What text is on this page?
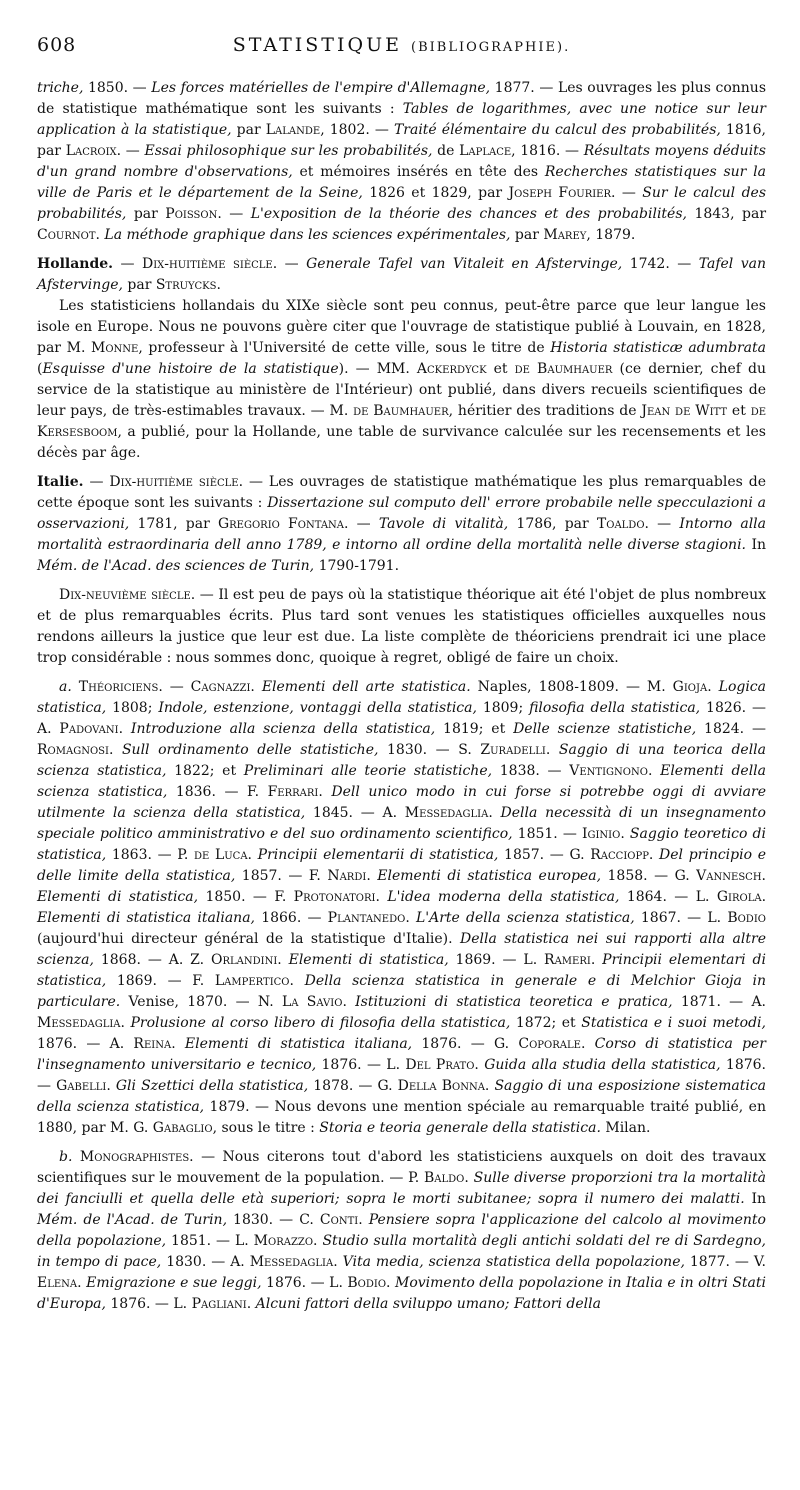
608	STATISTIQUE (BIBLIOGRAPHIE).

triche, 1850. — Les forces matérielles de l'empire d'Allemagne, 1877. — Les ouvrages les plus connus de statistique mathématique sont les suivants : Tables de logarithmes, avec une notice sur leur application à la statistique, par Lalande, 1802. — Traité élémentaire du calcul des probabilités, 1816, par Lacroix. — Essai philosophique sur les probabilités, de Laplace, 1816. — Résultats moyens déduits d'un grand nombre d'observations, et mémoires insérés en tête des Recherches statistiques sur la ville de Paris et le département de la Seine, 1826 et 1829, par Joseph Fourier. — Sur le calcul des probabilités, par Poisson. — L'exposition de la théorie des chances et des probabilités, 1843, par Cournot. La méthode graphique dans les sciences expérimentales, par Marey, 1879.

Hollande. — Dix-huitième siècle. — Generale Tafel van Vitaleit en Afstervinge, 1742. — Tafel van Afstervinge, par Struycks.

Les statisticiens hollandais du XIXe siècle sont peu connus, peut-être parce que leur langue les isole en Europe. Nous ne pouvons guère citer que l'ouvrage de statistique publié à Louvain, en 1828, par M. Monne, professeur à l'Université de cette ville, sous le titre de Historia statisticæ adumbrata (Esquisse d'une histoire de la statistique). — MM. Ackerdyck et de Baumhauer (ce dernier, chef du service de la statistique au ministère de l'Intérieur) ont publié, dans divers recueils scientifiques de leur pays, de très-estimables travaux. — M. de Baumhauer, héritier des traditions de Jean de Witt et de Kersesboom, a publié, pour la Hollande, une table de survivance calculée sur les recensements et les décès par âge.

Italie. — Dix-huitième siècle. — Les ouvrages de statistique mathématique les plus remarquables de cette époque sont les suivants : Dissertazione sul computo dell' errore probabile nelle specculazioni a osservazioni, 1781, par Gregorio Fontana. — Tavole di vitalità, 1786, par Toaldo. — Intorno alla mortalità estraordinaria dell anno 1789, e intorno all ordine della mortalità nelle diverse stagioni. In Mém. de l'Acad. des sciences de Turin, 1790-1791.

Dix-neuvième siècle. — Il est peu de pays où la statistique théorique ait été l'objet de plus nombreux et de plus remarquables écrits. Plus tard sont venues les statistiques officielles auxquelles nous rendons ailleurs la justice que leur est due. La liste complète de théoriciens prendrait ici une place trop considérable : nous sommes donc, quoique à regret, obligé de faire un choix.

a. Théoriciens. — Cagnazzi. Elementi dell arte statistica. Naples, 1808-1809. — M. Gioja. Logica statistica, 1808; Indole, estenzione, vontaggi della statistica, 1809; filosofia della statistica, 1826. — A. Padovani. Introduzione alla scienza della statistica, 1819; et Delle scienze statistiche, 1824. — Romagnosi. Sull ordinamento delle statistiche, 1830. — S. Zuradelli. Saggio di una teorica della scienza statistica, 1822; et Preliminari alle teorie statistiche, 1838. — Ventignono. Elementi della scienza statistica, 1836. — F. Ferrari. Dell unico modo in cui forse si potrebbe oggi di avviare utilmente la scienza della statistica, 1845. — A. Messedaglia. Della necessità di un insegnamento speciale politico amministrativo e del suo ordinamento scientifico, 1851. — Iginio. Saggio teoretico di statistica, 1863. — P. de Luca. Principii elementarii di statistica, 1857. — G. Racciopp. Del principio e delle limite della statistica, 1857. — F. Nardi. Elementi di statistica europea, 1858. — G. Vannesch. Elementi di statistica, 1850. — F. Protonatori. L'idea moderna della statistica, 1864. — L. Girola. Elementi di statistica italiana, 1866. — Plantanedo. L'Arte della scienza statistica, 1867. — L. Bodio (aujourd'hui directeur général de la statistique d'Italie). Della statistica nei sui rapporti alla altre scienza, 1868. — A. Z. Orlandini. Elementi di statistica, 1869. — L. Rameri. Principii elementari di statistica, 1869. — F. Lampertico. Della scienza statistica in generale e di Melchior Gioja in particulare. Venise, 1870. — N. La Savio. Istituzioni di statistica teoretica e pratica, 1871. — A. Messedaglia. Prolusione al corso libero di filosofia della statistica, 1872; et Statistica e i suoi metodi, 1876. — A. Reina. Elementi di statistica italiana, 1876. — G. Coporale. Corso di statistica per l'insegnamento universitario e tecnico, 1876. — L. Del Prato. Guida alla studia della statistica, 1876. — Gabelli. Gli Szettici della statistica, 1878. — G. Della Bonna. Saggio di una esposizione sistematica della scienza statistica, 1879. — Nous devons une mention spéciale au remarquable traité publié, en 1880, par M. G. Gabaglio, sous le titre : Storia e teoria generale della statistica. Milan.

b. Monographistes. — Nous citerons tout d'abord les statisticiens auxquels on doit des travaux scientifiques sur le mouvement de la population. — P. Baldo. Sulle diverse proporzioni tra la mortalità dei fanciulli et quella delle età superiori; sopra le morti subitanee; sopra il numero dei malatti. In Mém. de l'Acad. de Turin, 1830. — C. Conti. Pensiere sopra l'applicazione del calcolo al movimento della popolazione, 1851. — L. Morazzo. Studio sulla mortalità degli antichi soldati del re di Sardegno, in tempo di pace, 1830. — A. Messedaglia. Vita media, scienza statistica della popolazione, 1877. — V. Elena. Emigrazione e sue leggi, 1876. — L. Bodio. Movimento della popolazione in Italia e in oltri Stati d'Europa, 1876. — L. Pagliani. Alcuni fattori della sviluppo umano; Fattori della
